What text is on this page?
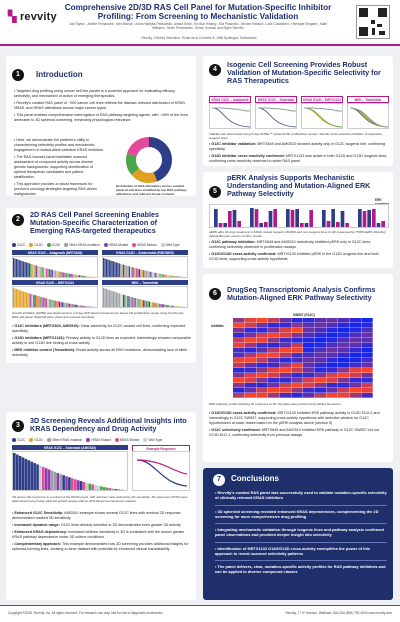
▚ revvity
Comprehensive 2D/3D RAS Cell Panel for Mutation-Specific Inhibitor Profiling: From Screening to Mechanistic Validation
Jodi Taylor¹, Juliette Fernandez¹, Alex Blanck¹, Anna Habryka-Pawlowski¹, Anatol Smol¹, Kin Bun Hwang¹, Ella Ptasinski¹, Vincent Hakstol¹, Luke Cudahisen¹, Henrique Elegane¹, Katie Williams¹, Helen Peremarkin¹, Simon Surana¹ and Signe Stenvik¹
¹ Revvity, 3 Abbey Geronimo, Route de la Corniche 8, 1066 Epalinges, Switzerland
1	Introduction

• Targeted drug profiling using cancer cell line panels is a powerful approach for evaluating efficacy, selectivity, and mechanism of action of emerging therapeutics.

• Revvity's curated RAS panel of ~200 cancer cell lines reflects the disease-relevant distribution of KRAS, NRAS, and HRAS alterations across major cancer types.

• This panel enables comprehensive interrogation of RAS pathway-targeting agents, with ~45% of the lines amenable to 3D spheroid screening, enhancing physiological relevance.

• Here, we demonstrate the platform's utility in characterizing selectivity profiles and mechanistic engagement of mutant-allele selective KRAS inhibitors.

• The RAS-focused panel facilitates nuanced assessment of compound activity across diverse genetic backgrounds, supporting identification of optimal therapeutic candidates and patient stratification.

• This approach provides a robust framework for precision oncology strategies targeting RAS-driven malignancies.

Distribution of RAS alterations across curated panel of cell lines stratified by top RAS pathway alterations and relevant tissue contexts.
2
2D RAS Cell Panel Screening Enables Mutation-Specific Characterization of Emerging RAS-targeted therapeutics
G12C	G12D	G13D	Other KRAS mutation	HRAS Mutant	NRAS Mutant	Wild Type
KRAS G12C – Adagrasib (MRTX849)	KRAS G12D – Zoldonrasib (RMC9805)
KRAS G12D – MRTX1133	MEK – Trametinib
Growth inhibition (GR50) was determined in a 5-day ATP-based luminescence based 2D proliferation assay using the Revvity RAS cell panel. Waterfall plots show rank-ordered sensitivity.

• G12C inhibitors (MRTX849, AMG510): Clear selectivity for G12C-mutant cell lines, confirming expected specificity

• G12D inhibitors (MRTX1133): Primary activity in G12D lines as expected; interestingly showed comparable activity in one G13D line hinting at cross activity

• MEK inhibitor control (Trametinib): Broad activity across all RAS mutations, demonstrating lack of allele selectivity

3
3D Screening Reveals Additional Insights into KRAS Dependency and Drug Activity
G12C	G12D	Other KRAS mutation	HRAS Mutant	NRAS Mutant	Wild Type
KRAS G12C – Sotorasib (AMG510)	Example Response
2D versus 3D responses in a subset of the KRAS panel, with cell lines rank-ordered by 2D sensitivity. 3D responses (IC50) were determined using 5-day spheroid growth assays with an ATP-based luminescence readout.

• Enhanced G12C Sensitivity: AMG510 example shows several G12C lines with minimal 2D response demonstrated marked 3D sensitivity

• Increased dynamic range: G12C lines already sensitive in 2D demonstrated even greater 3D activity

• Enhanced KRAS dependency: Increased inhibitor sensitivity in 3D is consistent with the known greater KRAS pathway dependence under 3D culture conditions

• Complementary approach: This example demonstrates how 3D screening provides additional insights for spheroid-forming lines, creating a richer dataset with potential for enhanced clinical translatability

4
Isogenic Cell Screening Provides Robust Validation of Mutation-Specific Selectivity for RAS Therapeutics
KRAS G12C – Adagrasib	KRAS G12C – Sotorasib	KRAS G12D – MRTX1133	MEK – Trametinib
Viability was determined using 5-day ATPlite™ spheroid 3D proliferation assays. Results show selective inhibition of respective isogenic lines.

• G12C inhibitor validation: MRTX849 and AMG510 showed activity only in G12C isogenic line, confirming specificity

• G12D inhibitor cross reactivity confirmed: MRTX1133 was active in both G12D and G13D isogenic lines, confirming cross reactivity observed in wider RAS panel

5
pERK Analysis Supports Mechanistic Understanding and Mutation-Aligned ERK Pathway Selectivity
ERK
pERK after 4h drug treatment in KRAS mutant isogenic (SW48) and non-isogenic lines to 3D measured by HTRF pERK (Revvity). AlphaLISA was used to confirm results.

• G12C pathway inhibition: MRTX849 and AMG510 selectively inhibited pERK only in G12C lines, confirming selectivity observed in proliferation assays

• G12D/G13D cross-activity confirmed: MRTX1133 inhibited pERK in the G12D isogenic line and both G13D lines, supporting cross-activity hypothesis

6	DrugSeq Transcriptomic Analysis Confirms Mutation-Aligned ERK Pathway Selectivity
SW837 (G12C)
Inhibitor
ERK pathway profile following 4h treatment at 3D. DrugSeq was performed by Alithea Genomics.

• G12D/G13D cross-activity confirmed: MRTX1133 inhibited ERK pathway activity in G13D DLD-1 and interestingly in G12C SW837, supporting cross-activity hypothesis with selective window for G12C hypothesized at lower doses based on the pERK analysis above (section 5)

• G12C selectively confirmed: MRTX849 and AMG510 inhibited ERK pathway in G12C SW837 but not G13D DLD-1, confirming selectivity from previous assays

7	Conclusions
• Revvity's curated RAS panel was successfully used to validate mutation-specific selectivity of clinically relevant KRAS inhibitors
• 3D spheroid screening revealed enhanced KRAS dependencies, complementing the 2D screening for more comprehensive drug profiling
• Integrating mechanistic validation through isogenic lines and pathway analysis confirmed panel observations and provided deeper insight into selectivity
• Identification of MRTX1133 G12D/G13D cross-activity exemplifies the power of this approach to reveal nuanced selectivity patterns
• The panel delivers, clear, mutation-specific activity profiles for RAS pathway inhibitors and can be applied to diverse compound classes
Copyright ©2025, Revvity, Inc. All rights reserved. For research use only. Not for use in diagnostic procedures.	Revvity, 77 4ᵗʰ Avenue, Waltham, MA USA (800) 762-4000 www.revvity.com
